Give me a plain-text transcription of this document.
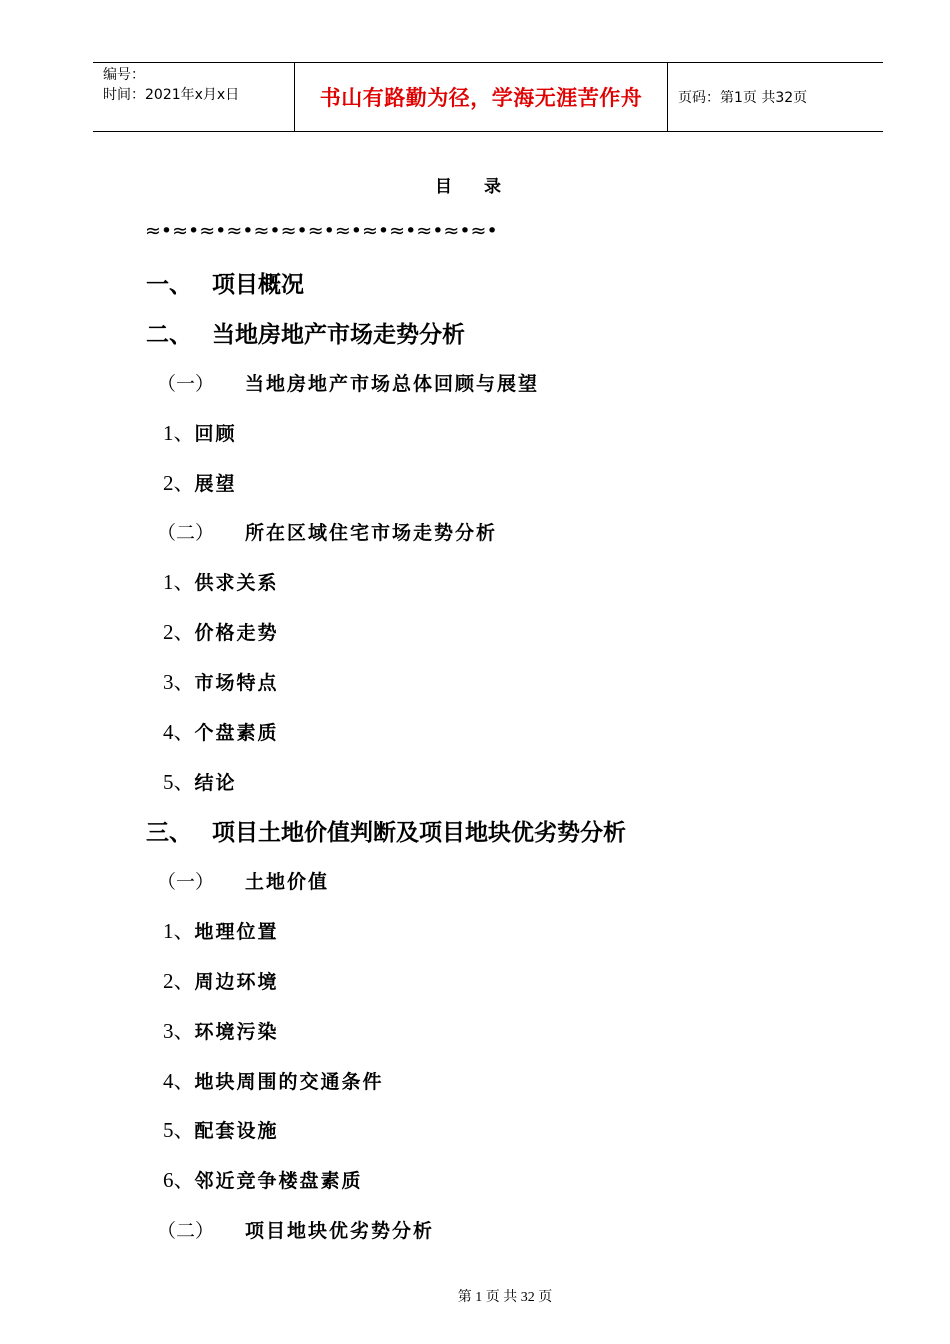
编号：
时间：2021年x月x日	书山有路勤为径，学海无涯苦作舟	页码：第1页 共32页
目录
≈•≈•≈•≈•≈•≈•≈•≈•≈•≈•≈•≈•≈•
一、 项目概况
二、 当地房地产市场走势分析
（一） 当地房地产市场总体回顾与展望
1、回顾
2、展望
（二） 所在区域住宅市场走势分析
1、供求关系
2、价格走势
3、市场特点
4、个盘素质
5、结论
三、 项目土地价值判断及项目地块优劣势分析
（一） 土地价值
1、地理位置
2、周边环境
3、环境污染
4、地块周围的交通条件
5、配套设施
6、邻近竞争楼盘素质
（二） 项目地块优劣势分析
第 1 页 共 32 页
